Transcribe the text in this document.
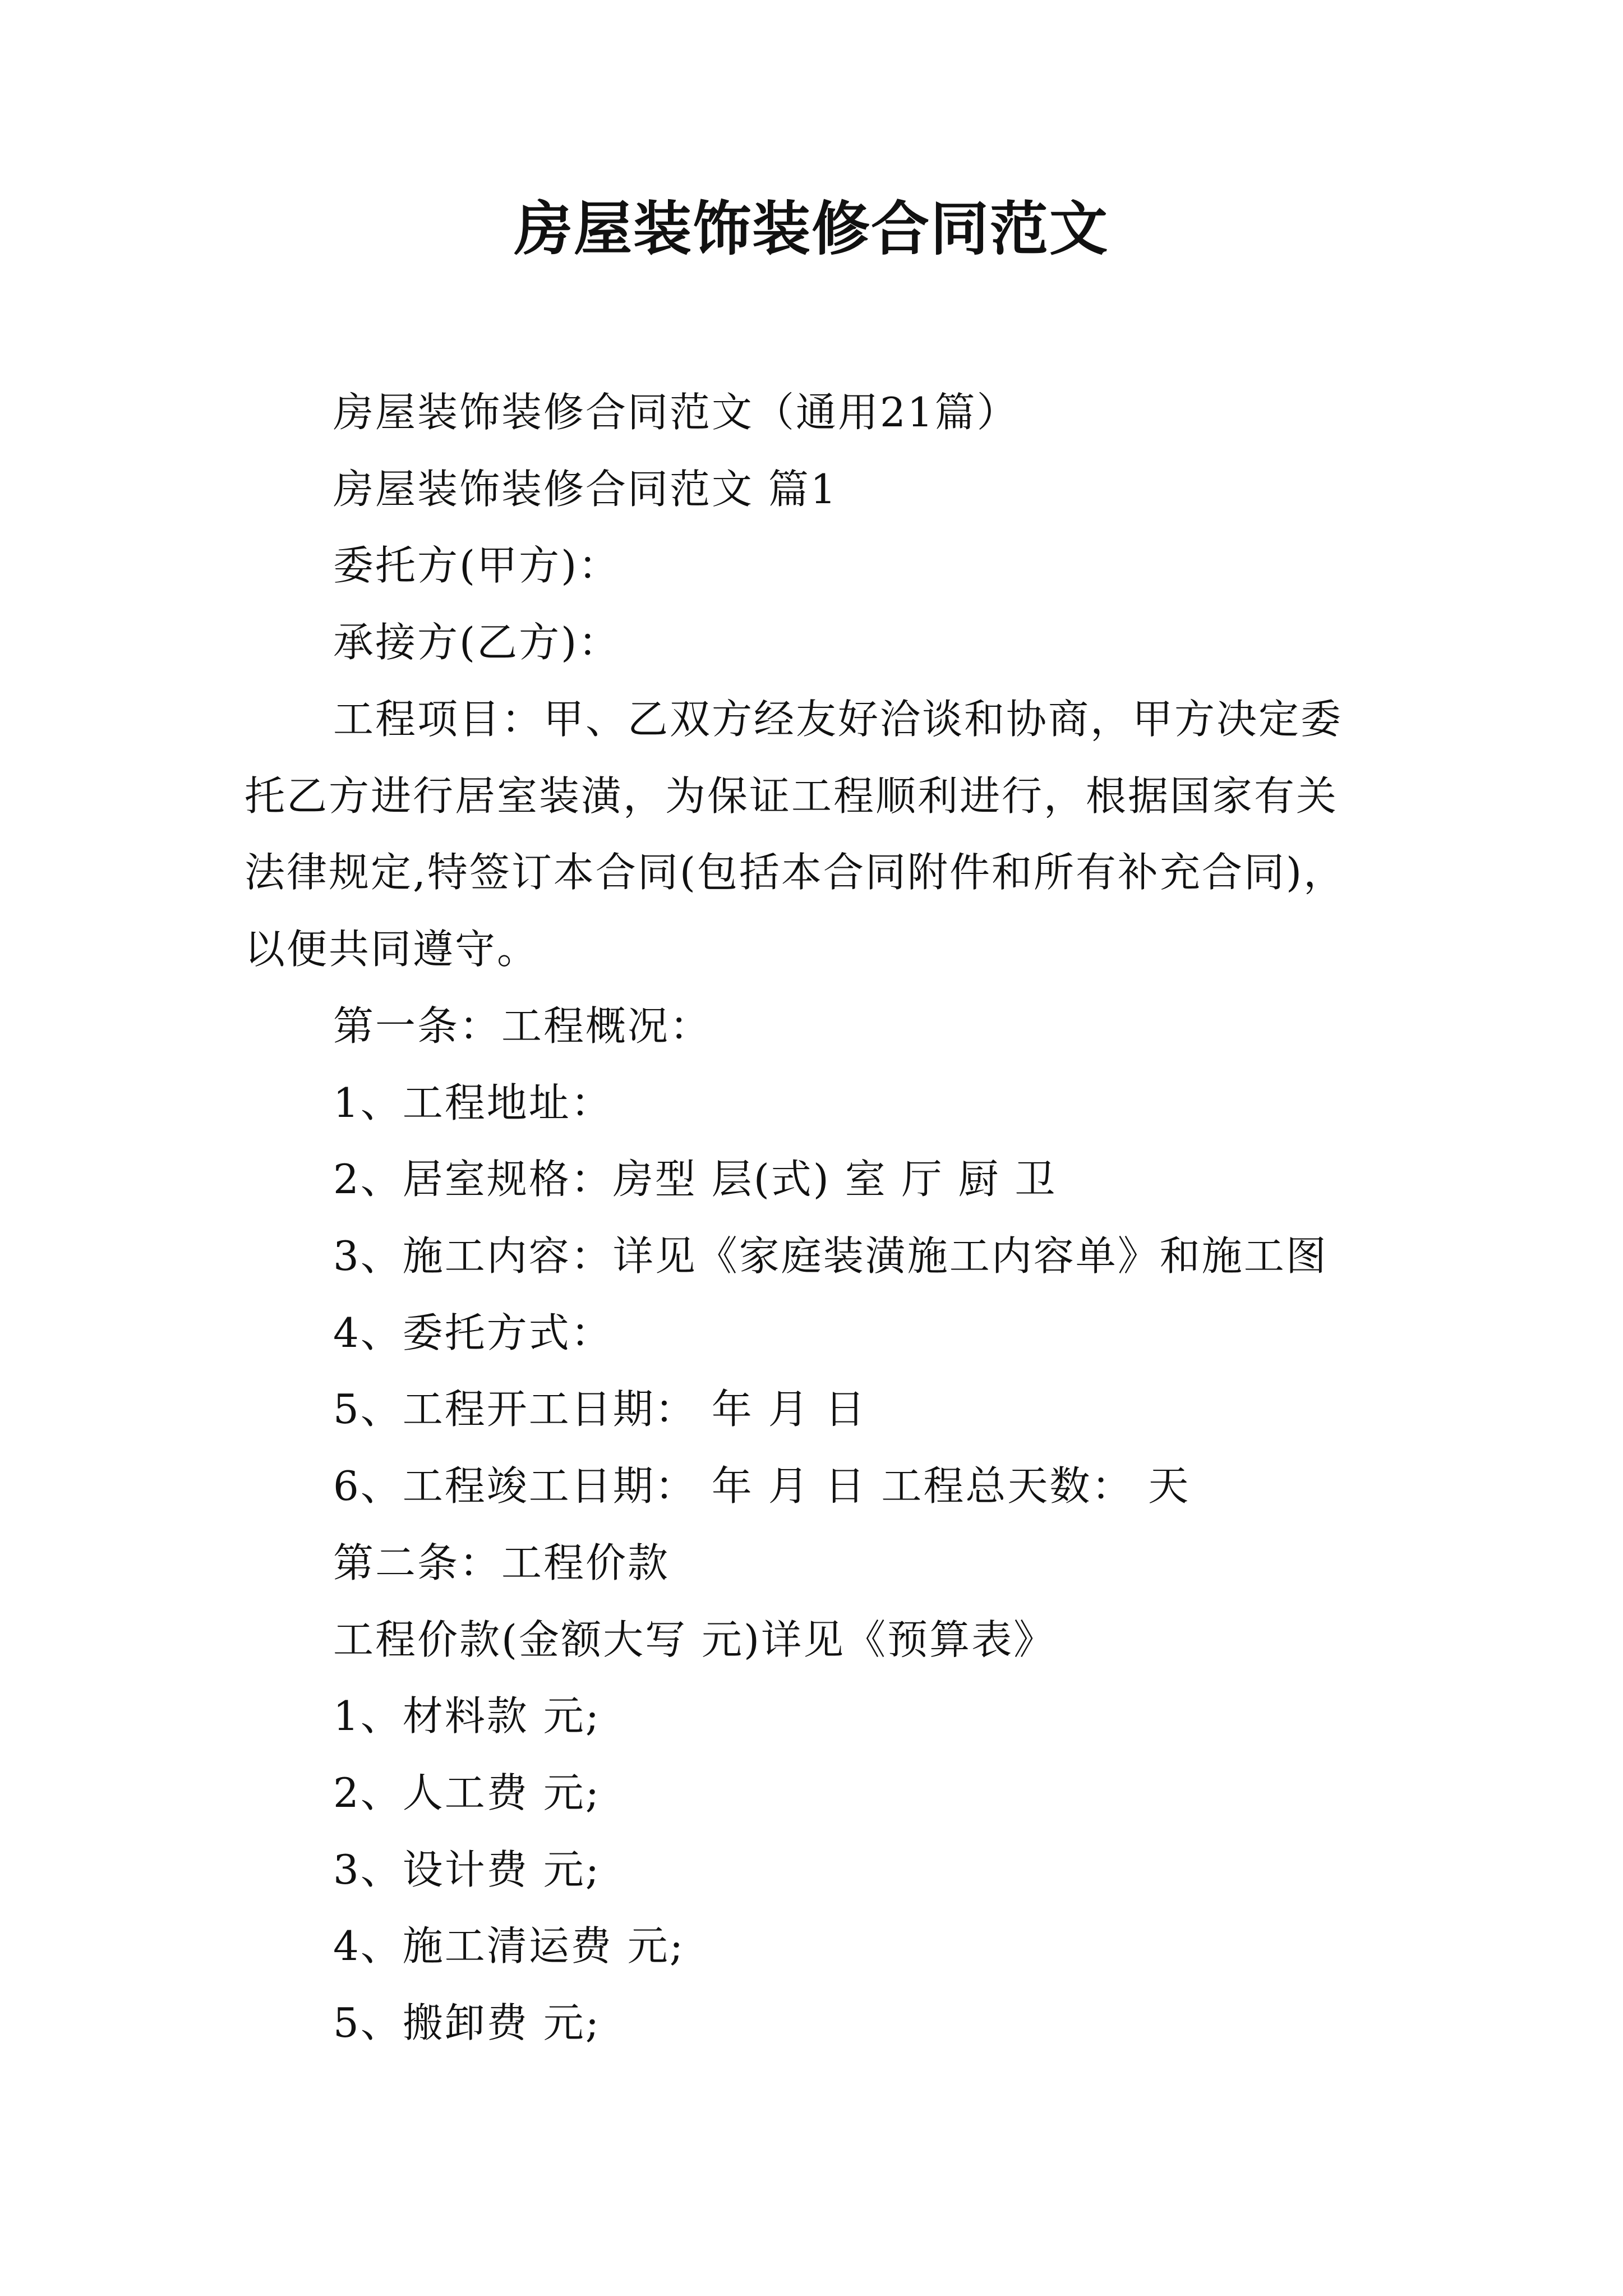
房屋装饰装修合同范文
房屋装饰装修合同范文（通用21篇）
房屋装饰装修合同范文 篇1
委托方(甲方)：
承接方(乙方)：
工程项目：甲、乙双方经友好洽谈和协商，甲方决定委
托乙方进行居室装潢，为保证工程顺利进行，根据国家有关
法律规定,特签订本合同(包括本合同附件和所有补充合同)，
以便共同遵守。
第一条：工程概况：
1、工程地址：
2、居室规格：房型 层(式) 室 厅 厨 卫
3、施工内容：详见《家庭装潢施工内容单》和施工图
4、委托方式：
5、工程开工日期： 年 月 日
6、工程竣工日期： 年 月 日 工程总天数： 天
第二条：工程价款
工程价款(金额大写 元)详见《预算表》
1、材料款 元;
2、人工费 元;
3、设计费 元;
4、施工清运费 元;
5、搬卸费 元;
